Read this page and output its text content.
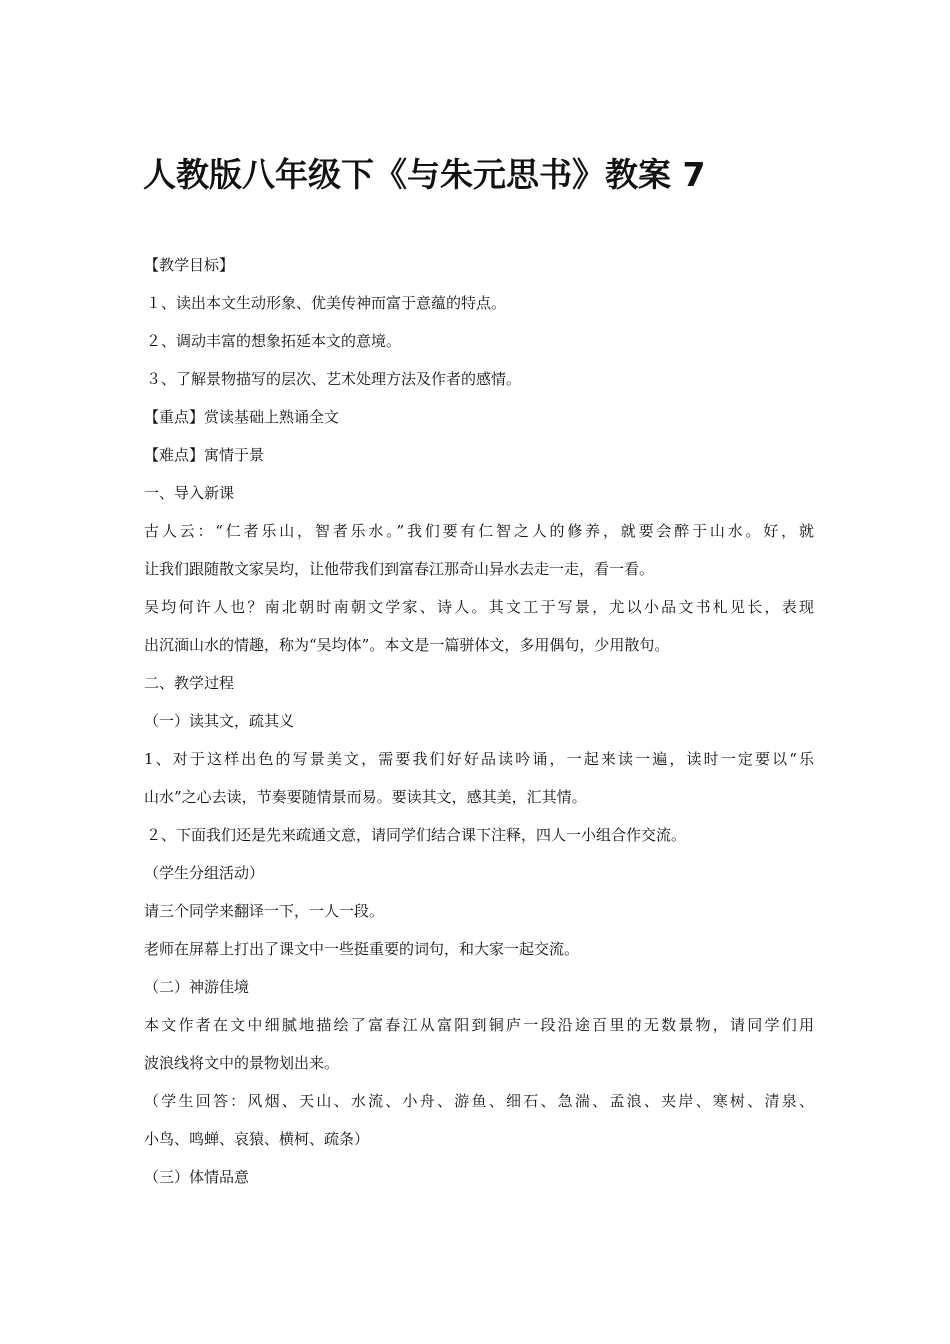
人教版八年级下《与朱元思书》教案 7

【教学目标】

１、读出本文生动形象、优美传神而富于意蕴的特点。

２、调动丰富的想象拓延本文的意境。

３、了解景物描写的层次、艺术处理方法及作者的感情。

【重点】赏读基础上熟诵全文

【难点】寓情于景

一、导入新课

古人云：“仁者乐山，智者乐水。”我们要有仁智之人的修养，就要会醉于山水。好，就

让我们跟随散文家吴均，让他带我们到富春江那奇山异水去走一走，看一看。

吴均何许人也？南北朝时南朝文学家、诗人。其文工于写景，尤以小品文书札见长，表现

出沉湎山水的情趣，称为“吴均体”。本文是一篇骈体文，多用偶句，少用散句。

二、教学过程

（一）读其文，疏其义

1、对于这样出色的写景美文，需要我们好好品读吟诵，一起来读一遍，读时一定要以“乐

山水”之心去读，节奏要随情景而易。要读其文，感其美，汇其情。

２、下面我们还是先来疏通文意，请同学们结合课下注释，四人一小组合作交流。

（学生分组活动）

请三个同学来翻译一下，一人一段。

老师在屏幕上打出了课文中一些挺重要的词句，和大家一起交流。

（二）神游佳境

本文作者在文中细腻地描绘了富春江从富阳到铜庐一段沿途百里的无数景物，请同学们用

波浪线将文中的景物划出来。

（学生回答：风烟、天山、水流、小舟、游鱼、细石、急湍、孟浪、夹岸、寒树、清泉、

小鸟、鸣蝉、哀猿、横柯、疏条）

（三）体情品意
